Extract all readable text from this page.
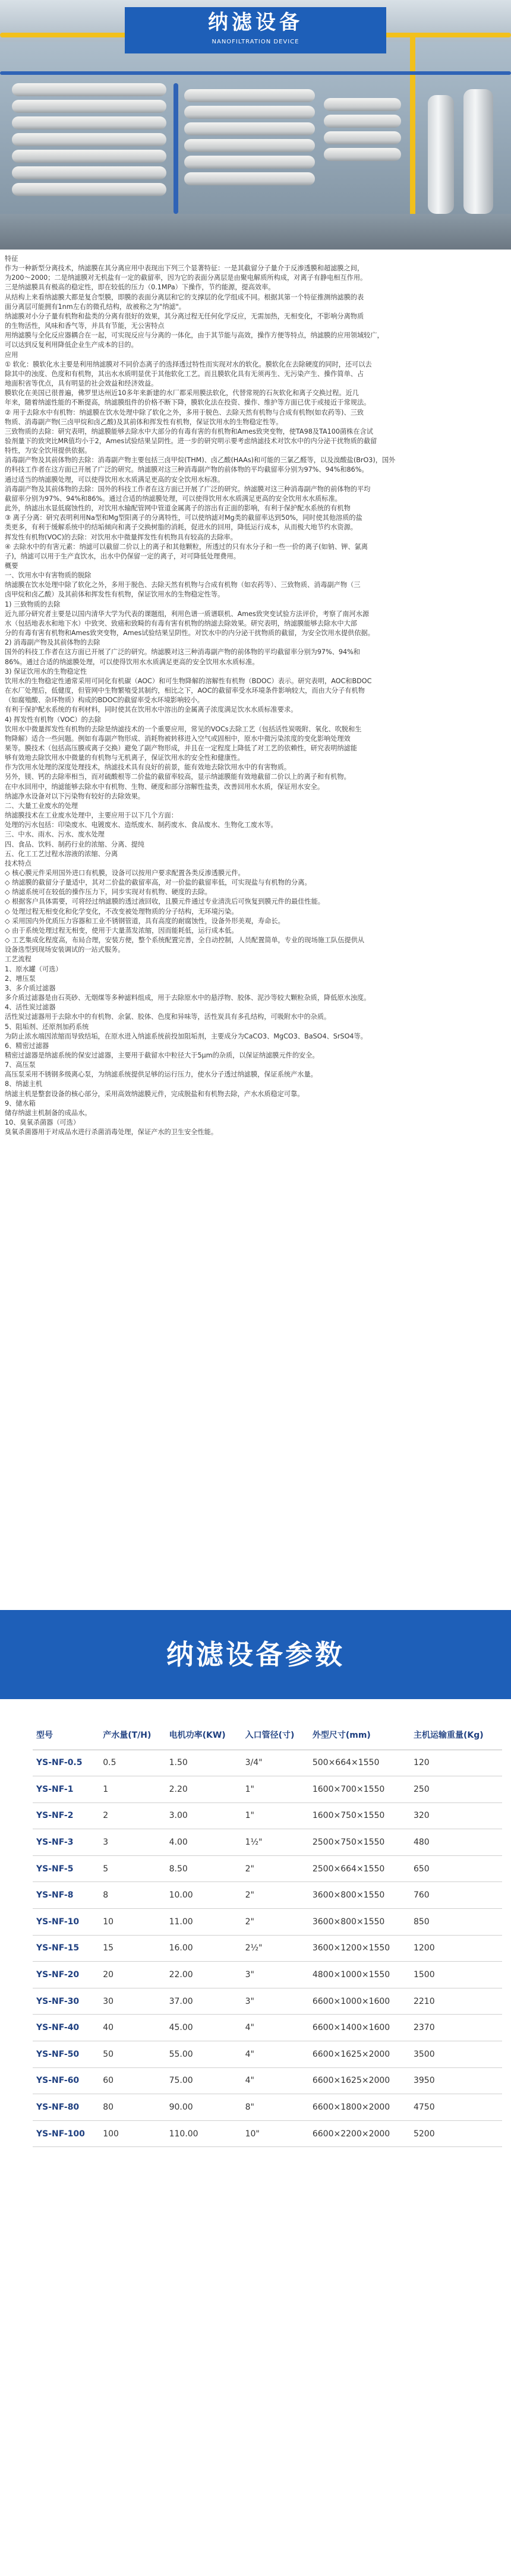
纳滤设备
NANOFILTRATION DEVICE

特征

作为一种新型分离技术，纳滤膜在其分离应用中表现出下列三个显著特征：一是其截留分子量介于反渗透膜和超滤膜之间，

为200～2000；二是纳滤膜对无机盐有一定的截留率，因为它的表面分离层是由聚电解质所构成，对离子有静电相互作用。

三是纳滤膜具有极高的稳定性，即在较低的压力（0.1MPa）下操作，节约能源，提高效率。

从结构上来看纳滤膜大都是复合型膜，即膜的表面分离层和它的支撑层的化学组成不同。根据其第一个特征推测纳滤膜的表

面分离层可能拥有1nm左右的微孔结构，故被称之为"纳滤"。

纳滤膜对小分子量有机物和盐类的分离有很好的效果，其分离过程无任何化学反应，无需加热，无相变化，不影响分离物质

的生物活性，风味和香气等，并具有节能，无公害特点

用纳滤膜与全化反应器耦合在一起，可实现反应与分离的一体化，由于其节能与高效，操作方便等特点，纳滤膜的应用领域较广，

可以达到反复利用降低企业生产成本的目的。

应用

① 软化：膜软化水主要是利用纳滤膜对不同价态离子的选择透过特性而实现对水的软化。膜软化在去除硬度的同时，还可以去

除其中的浊度、色度和有机物，其出水水质明显优于其他软化工艺。而且膜软化具有无须再生、无污染产生、操作简单、占

地面积省等优点，具有明显的社会效益和经济效益。

膜软化在美国已很普遍，佛罗里达州近10多年来新建的水厂都采用膜法软化，代替常规的石灰软化和离子交换过程。近几

年来，随着纳滤性能的不断提高，纳滤膜组件的价格不断下降，膜软化法在投资、操作、维护等方面已优于或接近于常规法。

② 用于去除水中有机物：纳滤膜在饮水处理中除了软化之外，多用于脱色、去除天然有机物与合成有机物(如农药等)、三致

物质、消毒副产物(三卤甲烷和卤乙酸)及其前体和挥发性有机物，保证饮用水的生物稳定性等。

三致物质的去除：研究表明，纳滤膜能够去除水中大部分的有毒有害的有机物和Ames致突变物，使TA98及TA100菌株在含试

验剂量下的致突比MR值均小于2，Ames试验结果呈阴性。进一步的研究明示要考虑纳滤技术对饮水中的内分泌干扰物质的截留

特性，为安全饮用提供依据。

消毒副产物及其前体物的去除：消毒副产物主要包括三卤甲烷(THM)、卤乙酸(HAAs)和可能的三氯乙醛等，以及溴酸盐(BrO3)，国外

的科技工作者在这方面已开展了广泛的研究。纳滤膜对这三种消毒副产物的前体物的平均截留率分别为97%、94%和86%。

通过适当的纳滤膜处理，可以使得饮用水水质满足更高的安全饮用水标准。

消毒副产物及其前体物的去除：国外的科技工作者在这方面已开展了广泛的研究。纳滤膜对这三种消毒副产物的前体物的平均

截留率分别为97%、94%和86%。通过合适的纳滤膜处理，可以使得饮用水水质满足更高的安全饮用水水质标准。

此外，纳滤出水显低腐蚀性的，对饮用水输配管网中管道金属离子的溶出有正面的影响，有利于保护配水系统的有机物

③ 离子分离：研究表明利用Na型和Mg型阳离子的分离特性，可以使纳滤对Mg类的截留率达到50%，同时使其他溶质的盐

类更多，有利于缓解系统中的结垢倾向和离子交换树脂的消耗，促进水的回用，降低运行成本，从而极大地节约水资源。

挥发性有机物(VOC)的去除：对饮用水中微量挥发性有机物具有较高的去除率。

④ 去除水中的有害元素：纳滤可以截留二价以上的离子和其他颗粒，所透过的只有水分子和一些一价的离子(如钠、钾、氯离

子)，纳滤可以用于生产直饮水，出水中仍保留一定的离子，对可降低处理费用。

概要

一、饮用水中有害物质的脱除

纳滤膜在饮水处理中除了软化之外，多用于脱色、去除天然有机物与合成有机物（如农药等）、三致物质、消毒副产物（三

卤甲烷和卤乙酸）及其前体和挥发性有机物，保证饮用水的生物稳定性等。

1) 三致物质的去除

近九部分研究者主要是以国内清华大学为代表的课题组，利用色谱一质谱联机、Ames致突变试验方法评价，考察了南河水源

水（包括地表水和地下水）中致突、致癌和致畸的有毒有害有机物的纳滤去除效果。研究表明，纳滤膜能够去除水中大部

分的有毒有害有机物和Ames致突变物，Ames试验结果呈阴性。对饮水中的内分泌干扰物质的截留，为安全饮用水提供依据。

2) 消毒副产物及其前体物的去除

国外的科技工作者在这方面已开展了广泛的研究。纳滤膜对这三种消毒副产物的前体物的平均截留率分别为97%、94%和

86%。通过合适的纳滤膜处理，可以使得饮用水水质满足更高的安全饮用水水质标准。

3) 保证饮用水的生物稳定性

饮用水的生物稳定性通常采用可同化有机碳（AOC）和可生物降解的溶解性有机物（BDOC）表示。研究表明，AOC和BDOC

在水厂处理后，低健度，但管网中生物繁殖受其制约，相比之下，AOC的截留率受水环境条件影响较大，而由大分子有机物

（如腐殖酸、杂环物质）构成的BDOC的截留率受水环境影响较小。

有利于保护配水系统的有利材料，同时使其在饮用水中溶出的金属离子浓度满足饮水水质标准要求。

4) 挥发性有机物（VOC）的去除

饮用水中微量挥发性有机物的去除是纳滤技术的一个重要应用，常见的VOCs去除工艺（包括活性炭吸附、氧化、吹脱和生

物降解）适合一些问题。例如有毒副产物形成、消耗物被转移进入空气或固相中，原水中微污染浓度的变化影响处理效

果等。膜技术（包括高压膜或离子交换）避免了副产物形成，并且在一定程度上降低了对工艺的依赖性，研究表明纳滤能

够有效地去除饮用水中微量的有机物与无机离子，保证饮用水的安全性和健康性。

作为饮用水处理的深度处理技术，纳滤技术具有良好的前景，能有效地去除饮用水中的有害物质。

另外，镁、钙的去除率相当，而对硫酸根等二价盐的截留率较高，显示纳滤膜能有效地截留二价以上的离子和有机物。

在中水回用中，纳滤能够去除水中有机物、生物、硬度和部分溶解性盐类，改善回用水水质，保证用水安全。

纳滤净水设备对以下污染物有较好的去除效果。

二、大量工业废水的处理

纳滤膜技术在工业废水处理中，主要应用于以下几个方面：

处理的污水包括：印染废水、电镀废水、造纸废水、制药废水、食品废水、生物化工废水等。

三、中水、雨水、污水、废水处理

四、食品、饮料、制药行业的浓缩、分离、提纯

五、化工工艺过程水溶液的浓缩、分离

技术特点

◇ 核心膜元件采用国外进口有机膜，设备可以按用户要求配置各类反渗透膜元件。

◇ 纳滤膜的截留分子量适中，其对二价盐的截留率高，对一价盐的截留率低，可实现盐与有机物的分离。

◇ 纳滤系统可在较低的操作压力下，同步实现对有机物、硬度的去除。

◇ 根据客户具体需要，可将经过纳滤膜的透过液回收，且膜元件通过专业清洗后可恢复到膜元件的最佳性能。

◇ 处理过程无相变化和化学变化，不改变被处理物质的分子结构，无环境污染。

◇ 采用国内外优质压力容器和工业不锈钢管道，具有高度的耐腐蚀性，设备外形美观，寿命长。

◇ 由于系统处理过程无相变，使用于大量蒸发浓缩，因而能耗低，运行成本低。

◇ 工艺集成化程度高，布局合理，安装方便，整个系统配置完善，全自动控制，人员配置简单，专业的现场施工队伍提供从

设备选型到现场安装调试的一站式服务。

工艺流程

1、原水罐（可选）

2、增压泵

3、多介质过滤器

多介质过滤器是由石英砂、无烟煤等多种滤料组成，用于去除原水中的悬浮物、胶体、泥沙等较大颗粒杂质，降低原水浊度。

4、活性炭过滤器

活性炭过滤器用于去除水中的有机物、余氯、胶体、色度和异味等，活性炭具有多孔结构，可吸附水中的杂质。

5、阻垢剂、还原剂加药系统

为防止浓水端因浓缩而导致结垢，在原水进入纳滤系统前投加阻垢剂，主要成分为CaCO3、MgCO3、BaSO4、SrSO4等。

6、精密过滤器

精密过滤器是纳滤系统的保安过滤器，主要用于截留水中粒径大于5μm的杂质，以保证纳滤膜元件的安全。

7、高压泵

高压泵采用不锈钢多级离心泵，为纳滤系统提供足够的运行压力，使水分子透过纳滤膜，保证系统产水量。

8、纳滤主机

纳滤主机是整套设备的核心部分，采用高效纳滤膜元件，完成脱盐和有机物去除，产水水质稳定可靠。

9、储水箱

储存纳滤主机制备的成品水。

10、臭氧杀菌器（可选）

臭氧杀菌器用于对成品水进行杀菌消毒处理，保证产水的卫生安全性能。

纳滤设备参数
型号	产水量(T/H)	电机功率(KW)	入口管径(寸)	外型尺寸(mm)	主机运输重量(Kg)
YS-NF-0.5	0.5	1.50	3/4"	500×664×1550	120
YS-NF-1	1	2.20	1"	1600×700×1550	250
YS-NF-2	2	3.00	1"	1600×750×1550	320
YS-NF-3	3	4.00	1½"	2500×750×1550	480
YS-NF-5	5	8.50	2"	2500×664×1550	650
YS-NF-8	8	10.00	2"	3600×800×1550	760
YS-NF-10	10	11.00	2"	3600×800×1550	850
YS-NF-15	15	16.00	2½"	3600×1200×1550	1200
YS-NF-20	20	22.00	3"	4800×1000×1550	1500
YS-NF-30	30	37.00	3"	6600×1000×1600	2210
YS-NF-40	40	45.00	4"	6600×1400×1600	2370
YS-NF-50	50	55.00	4"	6600×1625×2000	3500
YS-NF-60	60	75.00	4"	6600×1625×2000	3950
YS-NF-80	80	90.00	8"	6600×1800×2000	4750
YS-NF-100	100	110.00	10"	6600×2200×2000	5200
